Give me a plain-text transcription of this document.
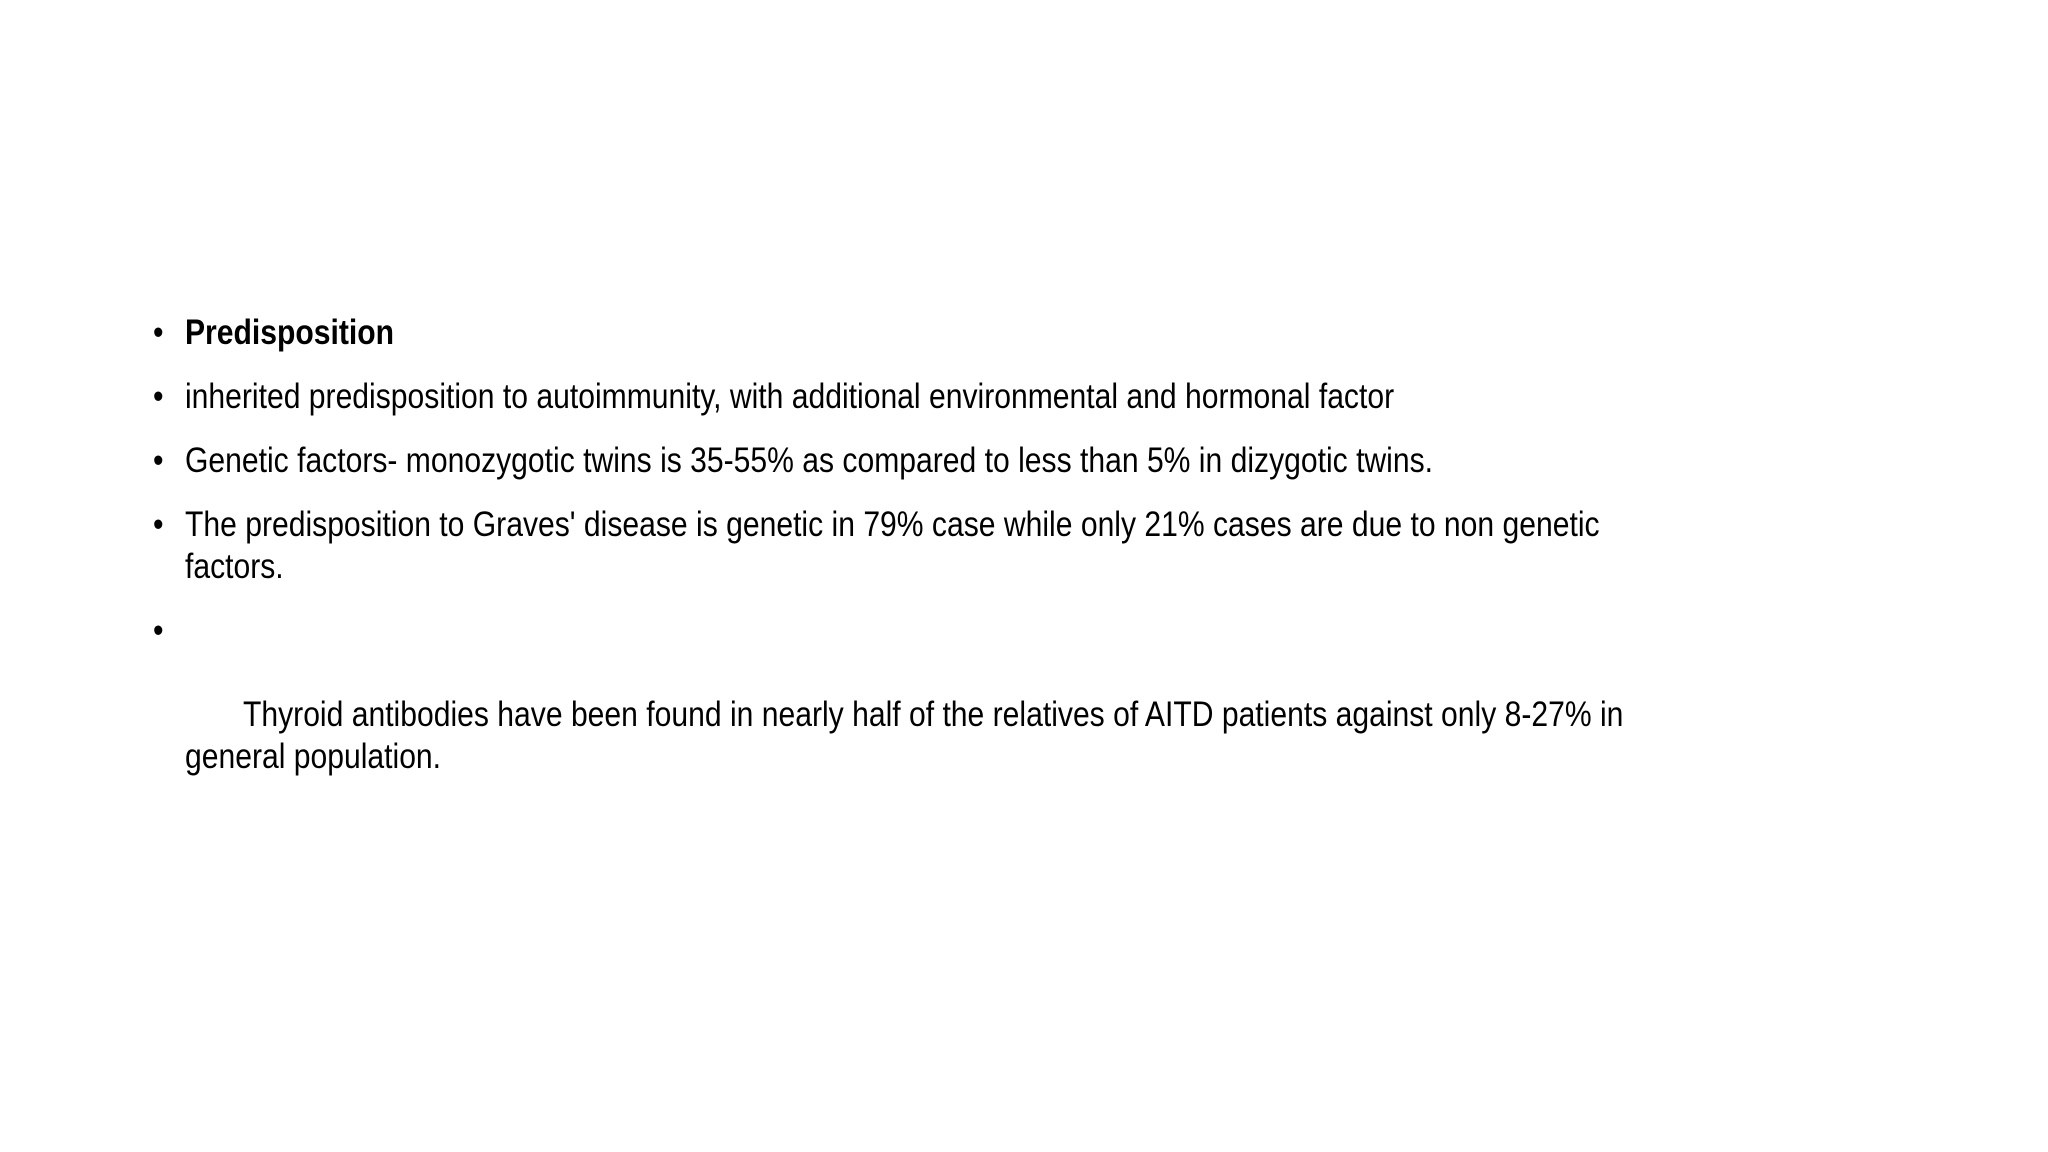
• Predisposition
• inherited predisposition to autoimmunity, with additional environmental and hormonal factor
• Genetic factors- monozygotic twins is 35-55% as compared to less than 5% in dizygotic twins.
• The predisposition to Graves' disease is genetic in 79% case while only 21% cases are due to non genetic factors.

•

Thyroid antibodies have been found in nearly half of the relatives of AITD patients against only 8-27% in general population.
